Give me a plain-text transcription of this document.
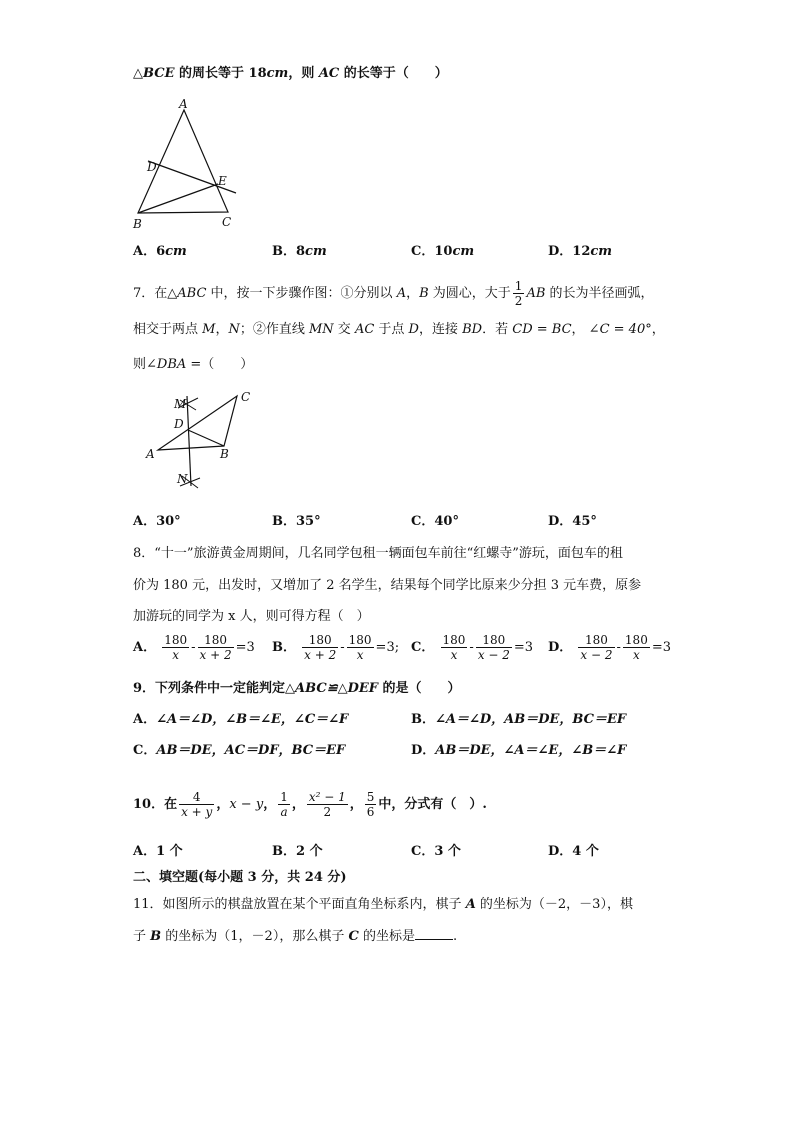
△BCE 的周长等于 18cm，则 AC 的长等于（　　）
A
D
E
B	C
A．6cm	B．8cm	C．10cm	D．12cm
7．在△ABC 中，按一下步骤作图：①分别以 A，B 为圆心，大于 $\frac{1}{2}$ AB 的长为半径画弧，
相交于两点 M，N；②作直线 MN 交 AC 于点 D，连接 BD．若 CD = BC， ∠C = 40°，
则∠DBA =（　　）
M	C
D
A	B
N
A．30°	B．35°	C．40°	D．45°
8．“十一”旅游黄金周期间，几名同学包租一辆面包车前往“红螺寺”游玩，面包车的租
价为 180 元，出发时，又增加了 2 名学生，结果每个同学比原来少分担 3 元车费，原参
加游玩的同学为 x 人，则可得方程（　）
A． $\frac{180}{x} - \frac{180}{x + 2} =3$ B． $\frac{180}{x + 2} - \frac{180}{x} =3$; C． $\frac{180}{x} - \frac{180}{x - 2} =3$ D． $\frac{180}{x - 2} - \frac{180}{x} =3$
9．下列条件中一定能判定△ABC≌△DEF 的是（　　）
A．∠A＝∠D，∠B＝∠E，∠C＝∠F	B．∠A＝∠D，AB＝DE，BC＝EF
C．AB＝DE，AC＝DF，BC＝EF	D．AB＝DE，∠A＝∠E，∠B＝∠F
10．在 $\frac{4}{x + y}$ ，x − y， $\frac{1}{a}$ ， $\frac{\text{x² − 1}}{2}$ ， $\frac{5}{6}$ 中，分式有（　）.
A．1 个	B．2 个	C．3 个	D．4 个
二、填空题(每小题 3 分，共 24 分)
11．如图所示的棋盘放置在某个平面直角坐标系内，棋子 A 的坐标为（－2，－3），棋
子 B 的坐标为（1，－2），那么棋子 C 的坐标是	.
